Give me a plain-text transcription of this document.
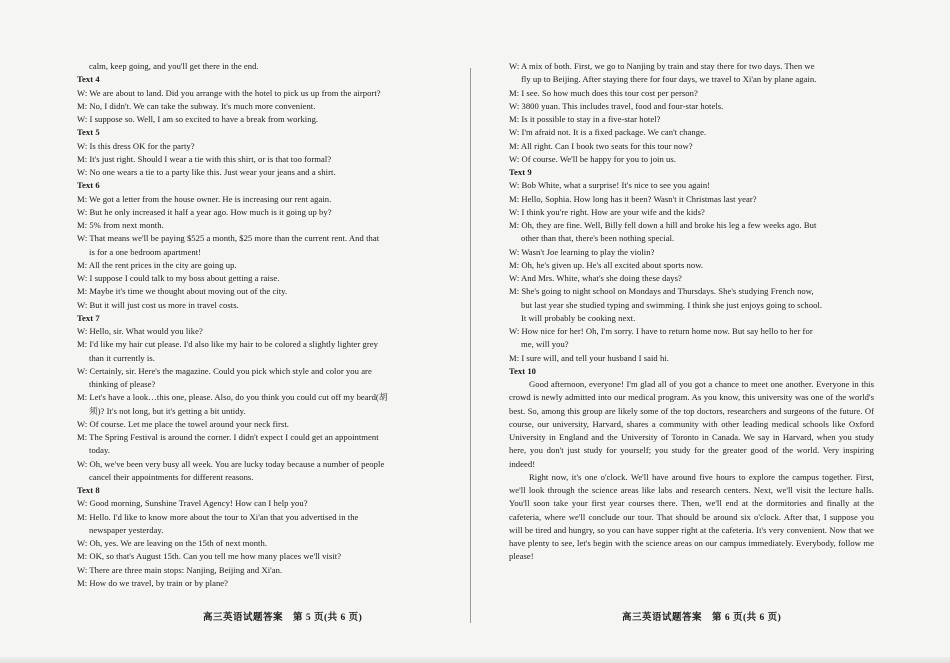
calm, keep going, and you'll get there in the end.
Text 4
W: We are about to land. Did you arrange with the hotel to pick us up from the airport?
M: No, I didn't. We can take the subway. It's much more convenient.
W: I suppose so. Well, I am so excited to have a break from working.
Text 5
W: Is this dress OK for the party?
M: It's just right. Should I wear a tie with this shirt, or is that too formal?
W: No one wears a tie to a party like this. Just wear your jeans and a shirt.
Text 6
M: We got a letter from the house owner. He is increasing our rent again.
W: But he only increased it half a year ago. How much is it going up by?
M: 5% from next month.
W: That means we'll be paying $525 a month, $25 more than the current rent. And that
is for a one bedroom apartment!
M: All the rent prices in the city are going up.
W: I suppose I could talk to my boss about getting a raise.
M: Maybe it's time we thought about moving out of the city.
W: But it will just cost us more in travel costs.
Text 7
W: Hello, sir. What would you like?
M: I'd like my hair cut please. I'd also like my hair to be colored a slightly lighter grey
than it currently is.
W: Certainly, sir. Here's the magazine. Could you pick which style and color you are
thinking of please?
M: Let's have a look…this one, please. Also, do you think you could cut off my beard(胡
须)? It's not long, but it's getting a bit untidy.
W: Of course. Let me place the towel around your neck first.
M: The Spring Festival is around the corner. I didn't expect I could get an appointment
today.
W: Oh, we've been very busy all week. You are lucky today because a number of people
cancel their appointments for different reasons.
Text 8
W: Good morning, Sunshine Travel Agency! How can I help you?
M: Hello. I'd like to know more about the tour to Xi'an that you advertised in the
newspaper yesterday.
W: Oh, yes. We are leaving on the 15th of next month.
M: OK, so that's August 15th. Can you tell me how many places we'll visit?
W: There are three main stops: Nanjing, Beijing and Xi'an.
M: How do we travel, by train or by plane?
W: A mix of both. First, we go to Nanjing by train and stay there for two days. Then we
fly up to Beijing. After staying there for four days, we travel to Xi'an by plane again.
M: I see. So how much does this tour cost per person?
W: 3800 yuan. This includes travel, food and four-star hotels.
M: Is it possible to stay in a five-star hotel?
W: I'm afraid not. It is a fixed package. We can't change.
M: All right. Can I book two seats for this tour now?
W: Of course. We'll be happy for you to join us.
Text 9
W: Bob White, what a surprise! It's nice to see you again!
M: Hello, Sophia. How long has it been? Wasn't it Christmas last year?
W: I think you're right. How are your wife and the kids?
M: Oh, they are fine. Well, Billy fell down a hill and broke his leg a few weeks ago. But
other than that, there's been nothing special.
W: Wasn't Joe learning to play the violin?
M: Oh, he's given up. He's all excited about sports now.
W: And Mrs. White, what's she doing these days?
M: She's going to night school on Mondays and Thursdays. She's studying French now,
but last year she studied typing and swimming. I think she just enjoys going to school.
It will probably be cooking next.
W: How nice for her! Oh, I'm sorry. I have to return home now. But say hello to her for
me, will you?
M: I sure will, and tell your husband I said hi.
Text 10
Good afternoon, everyone! I'm glad all of you got a chance to meet one another. Everyone in this crowd is newly admitted into our medical program. As you know, this university was one of the world's best. So, among this group are likely some of the top doctors, researchers and surgeons of the future. Of course, our university, Harvard, shares a community with other leading medical schools like Oxford University in England and the University of Toronto in Canada. We say in Harvard, when you study here, you don't just study for yourself; you study for the greater good of the world. Very inspiring indeed!
Right now, it's one o'clock. We'll have around five hours to explore the campus together. First, we'll look through the science areas like labs and research centers. Next, we'll visit the lecture halls. You'll soon take your first year courses there. Then, we'll end at the dormitories and finally at the cafeteria, where we'll conclude our tour. That should be around six o'clock. After that, I suppose you will be tired and hungry, so you can have supper right at the cafeteria. It's very convenient. Now that we have plenty to see, let's begin with the science areas on our campus immediately. Everybody, follow me please!
高三英语试题答案　第 5 页(共 6 页)	高三英语试题答案　第 6 页(共 6 页)
